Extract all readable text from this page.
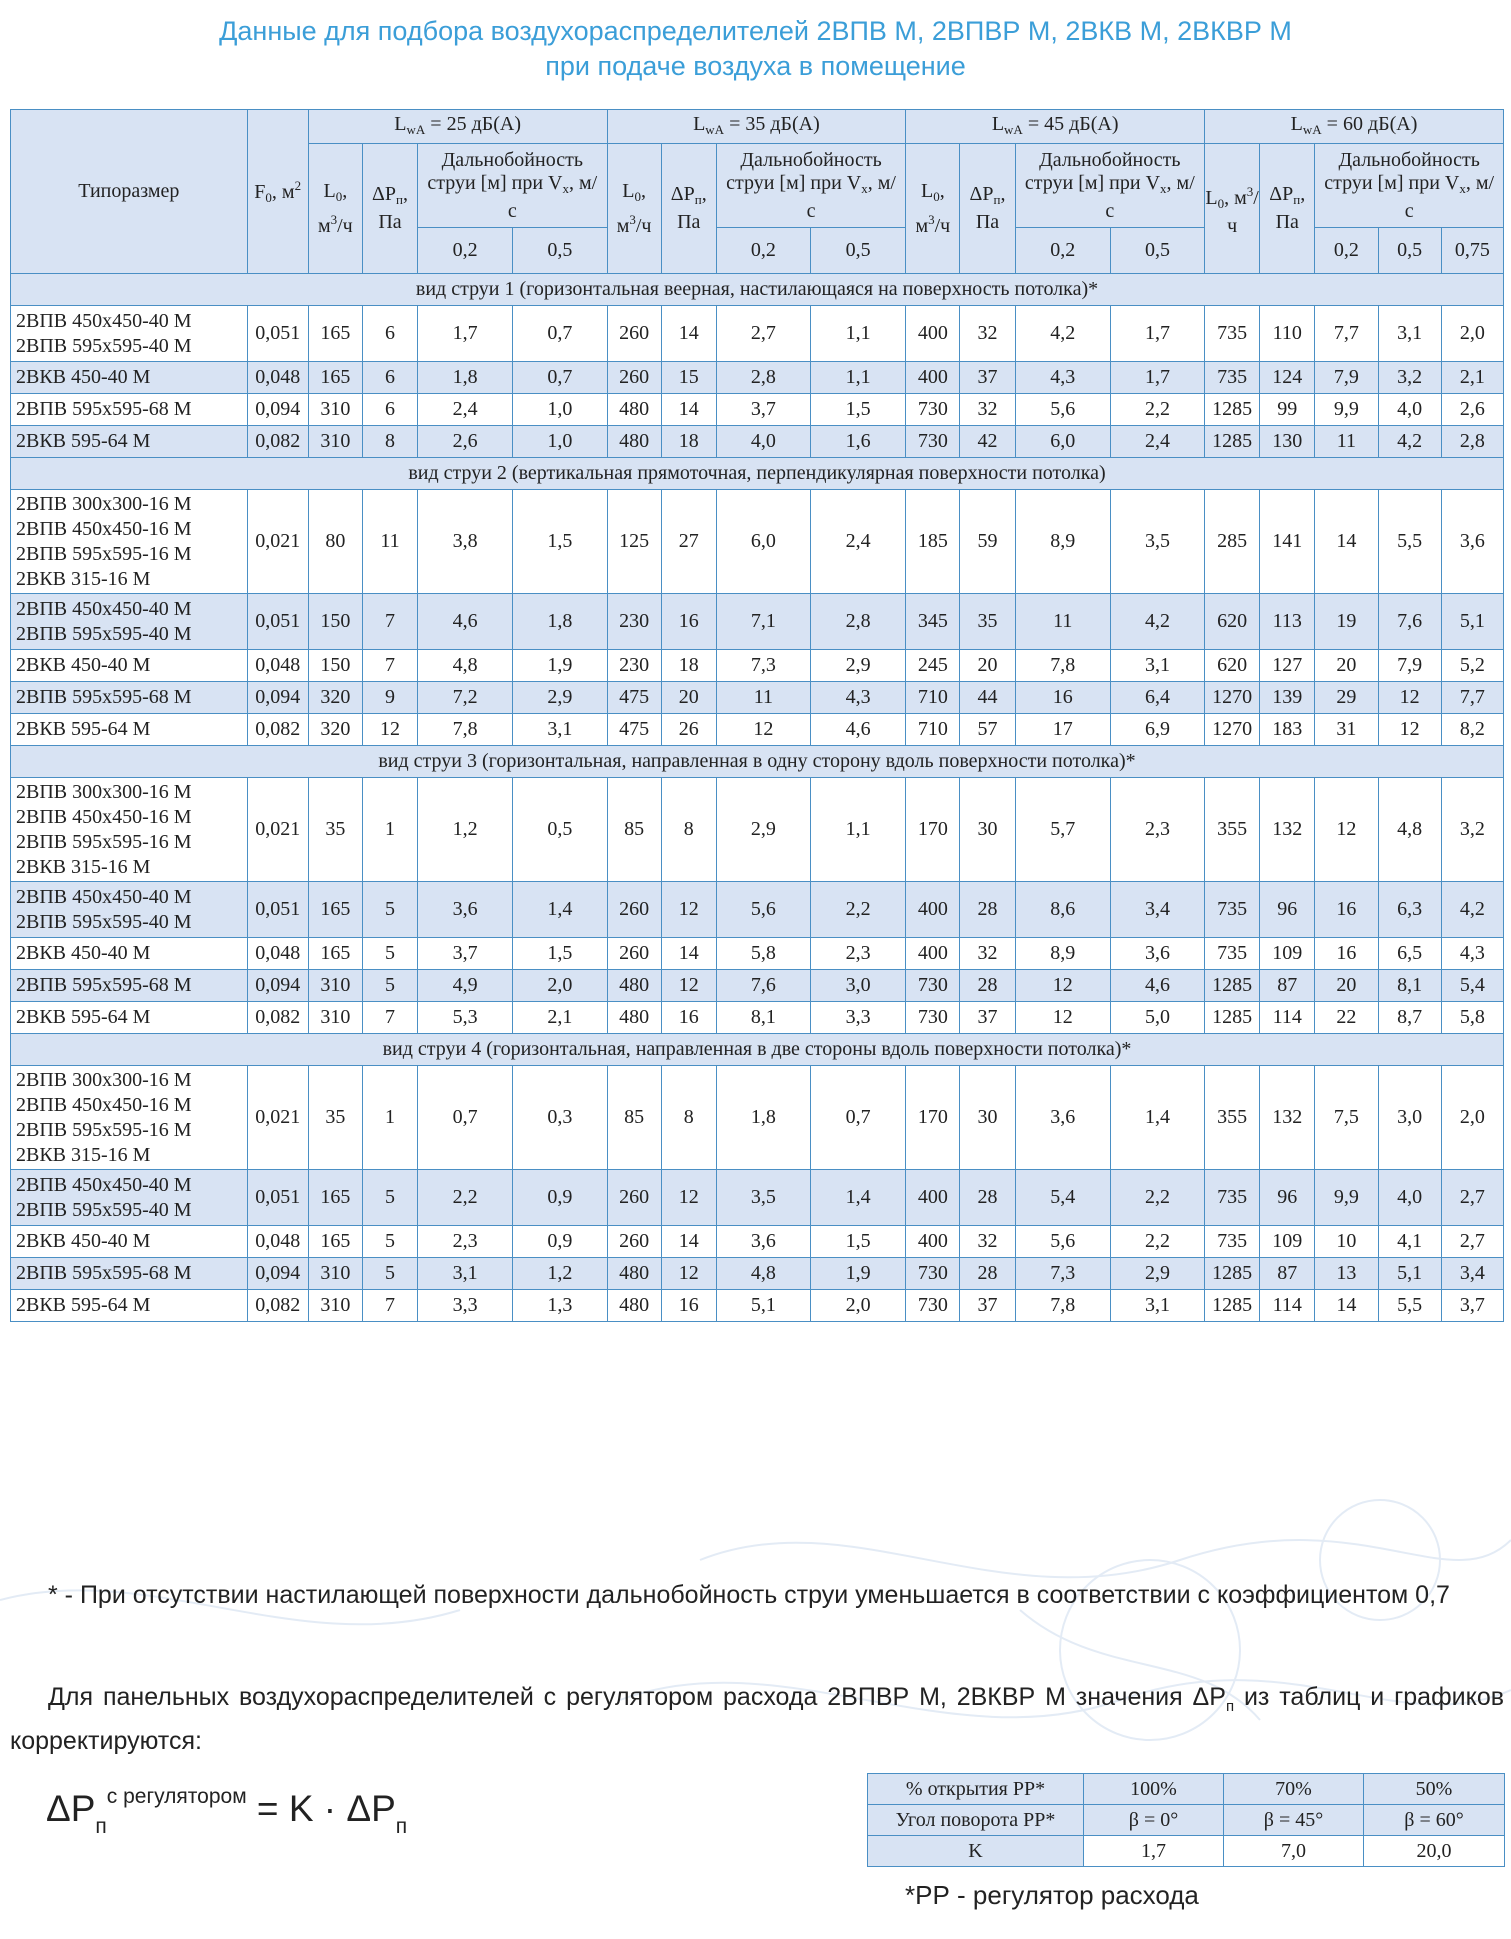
Данные для подбора воздухораспределителей 2ВПВ М, 2ВПВР М, 2ВКВ М, 2ВКВР М
при подаче воздуха в помещение
Типоразмер	$F_0$, $м^2$	$L_{wA} = 25$ дБ(А)				$L_{wA} = 35$ дБ(А)				$L_{wA} = 45$ дБ(А)				$L_{wA} = 60$ дБ(А)				
		$L_0$, $м^3/ч$	$\Delta P_п$, Па	Дальнобойность струи [м] при $V_x$, м/с		$L_0$, $м^3/ч$	$\Delta P_п$, Па	Дальнобойность струи [м] при $V_x$, м/с		$L_0$, $м^3/ч$	$\Delta P_п$, Па	Дальнобойность струи [м] при $V_x$, м/с		$L_0$, $м^3/ч$	$\Delta P_п$, Па	Дальнобойность струи [м] при $V_x$, м/с		
				0,2	0,5			0,2	0,5			0,2	0,5			0,2	0,5	0,75
вид струи 1 (горизонтальная веерная, настилающаяся на поверхность потолка)*																		

2ВПВ 450х450-40 М
2ВПВ 595х595-40 М	0,051	165	6	1,7	0,7	260	14	2,7	1,1	400	32	4,2	1,7	735	110	7,7	3,1	2,0

2ВКВ 450-40 М	0,048	165	6	1,8	0,7	260	15	2,8	1,1	400	37	4,3	1,7	735	124	7,9	3,2	2,1

2ВПВ 595х595-68 М	0,094	310	6	2,4	1,0	480	14	3,7	1,5	730	32	5,6	2,2	1285	99	9,9	4,0	2,6

2ВКВ 595-64 М	0,082	310	8	2,6	1,0	480	18	4,0	1,6	730	42	6,0	2,4	1285	130	11	4,2	2,8
вид струи 2 (вертикальная прямоточная, перпендикулярная поверхности потолка)																		

2ВПВ 300х300-16 М
2ВПВ 450х450-16 М
2ВПВ 595х595-16 М
2ВКВ 315-16 М	0,021	80	11	3,8	1,5	125	27	6,0	2,4	185	59	8,9	3,5	285	141	14	5,5	3,6

2ВПВ 450х450-40 М
2ВПВ 595х595-40 М	0,051	150	7	4,6	1,8	230	16	7,1	2,8	345	35	11	4,2	620	113	19	7,6	5,1

2ВКВ 450-40 М	0,048	150	7	4,8	1,9	230	18	7,3	2,9	245	20	7,8	3,1	620	127	20	7,9	5,2

2ВПВ 595х595-68 М	0,094	320	9	7,2	2,9	475	20	11	4,3	710	44	16	6,4	1270	139	29	12	7,7

2ВКВ 595-64 М	0,082	320	12	7,8	3,1	475	26	12	4,6	710	57	17	6,9	1270	183	31	12	8,2
вид струи 3 (горизонтальная, направленная в одну сторону вдоль поверхности потолка)*																		

2ВПВ 300х300-16 М
2ВПВ 450х450-16 М
2ВПВ 595х595-16 М
2ВКВ 315-16 М	0,021	35	1	1,2	0,5	85	8	2,9	1,1	170	30	5,7	2,3	355	132	12	4,8	3,2

2ВПВ 450х450-40 М
2ВПВ 595х595-40 М	0,051	165	5	3,6	1,4	260	12	5,6	2,2	400	28	8,6	3,4	735	96	16	6,3	4,2

2ВКВ 450-40 М	0,048	165	5	3,7	1,5	260	14	5,8	2,3	400	32	8,9	3,6	735	109	16	6,5	4,3

2ВПВ 595х595-68 М	0,094	310	5	4,9	2,0	480	12	7,6	3,0	730	28	12	4,6	1285	87	20	8,1	5,4

2ВКВ 595-64 М	0,082	310	7	5,3	2,1	480	16	8,1	3,3	730	37	12	5,0	1285	114	22	8,7	5,8
вид струи 4 (горизонтальная, направленная в две стороны вдоль поверхности потолка)*																		

2ВПВ 300х300-16 М
2ВПВ 450х450-16 М
2ВПВ 595х595-16 М
2ВКВ 315-16 М	0,021	35	1	0,7	0,3	85	8	1,8	0,7	170	30	3,6	1,4	355	132	7,5	3,0	2,0

2ВПВ 450х450-40 М
2ВПВ 595х595-40 М	0,051	165	5	2,2	0,9	260	12	3,5	1,4	400	28	5,4	2,2	735	96	9,9	4,0	2,7

2ВКВ 450-40 М	0,048	165	5	2,3	0,9	260	14	3,6	1,5	400	32	5,6	2,2	735	109	10	4,1	2,7

2ВПВ 595х595-68 М	0,094	310	5	3,1	1,2	480	12	4,8	1,9	730	28	7,3	2,9	1285	87	13	5,1	3,4

2ВКВ 595-64 М	0,082	310	7	3,3	1,3	480	16	5,1	2,0	730	37	7,8	3,1	1285	114	14	5,5	3,7
* - При отсутствии настилающей поверхности дальнобойность струи уменьшается в соответствии с коэффициентом 0,7
Для панельных воздухораспределителей с регулятором расхода 2ВПВР М, 2ВКВР М значения $\Delta P_п$ из таблиц и графиков корректируются:
$\Delta P_п^{с регулятором} = K \cdot \Delta P_п$
% открытия РР*	100%	70%	50%
Угол поворота РР*	β = 0°	β = 45°	β = 60°
K	1,7	7,0	20,0
*РР - регулятор расхода
